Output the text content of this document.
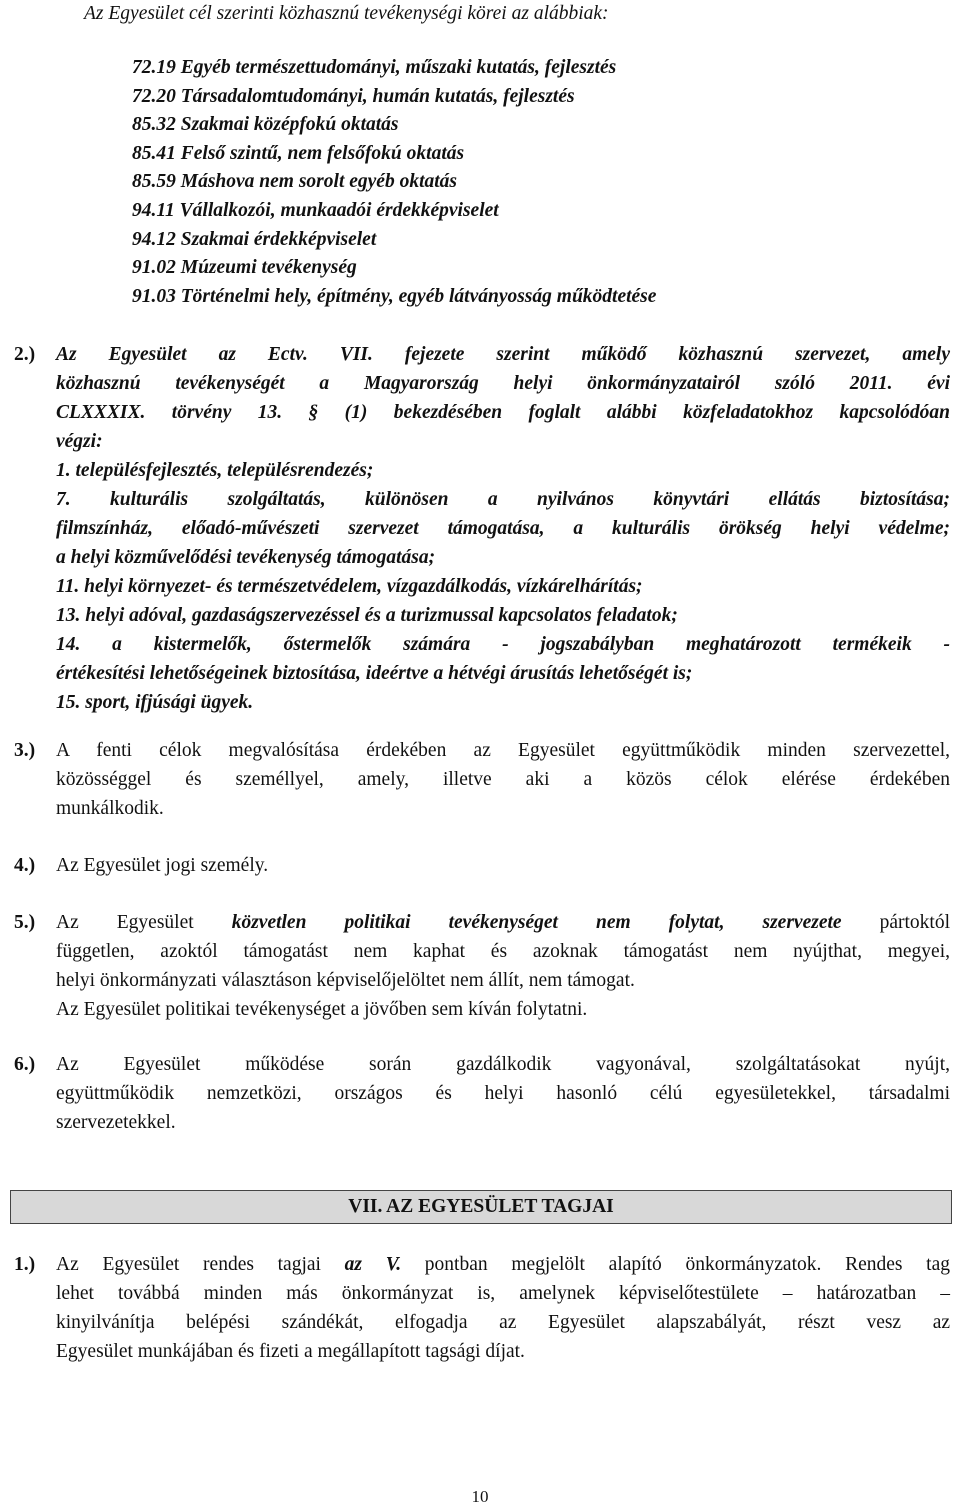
Az Egyesület cél szerinti közhasznú tevékenységi körei az alábbiak:
72.19 Egyéb természettudományi, műszaki kutatás, fejlesztés
72.20 Társadalomtudományi, humán kutatás, fejlesztés
85.32 Szakmai középfokú oktatás
85.41 Felső szintű, nem felsőfokú oktatás
85.59 Máshova nem sorolt egyéb oktatás
94.11 Vállalkozói, munkaadói érdekképviselet
94.12 Szakmai érdekképviselet
91.02 Múzeumi tevékenység
91.03 Történelmi hely, építmény, egyéb látványosság működtetése
2.)	Az Egyesület az Ectv. VII. fejezete szerint működő közhasznú szervezet, amely
közhasznú tevékenységét a Magyarország helyi önkormányzatairól szóló 2011. évi
CLXXXIX. törvény 13. § (1) bekezdésében foglalt alábbi közfeladatokhoz kapcsolódóan
végzi:
1. településfejlesztés, településrendezés;
7. kulturális szolgáltatás, különösen a nyilvános könyvtári ellátás biztosítása;
filmszínház, előadó-művészeti szervezet támogatása, a kulturális örökség helyi védelme;
a helyi közművelődési tevékenység támogatása;
11. helyi környezet- és természetvédelem, vízgazdálkodás, vízkárelhárítás;
13. helyi adóval, gazdaságszervezéssel és a turizmussal kapcsolatos feladatok;
14. a kistermelők, őstermelők számára - jogszabályban meghatározott termékeik -
értékesítési lehetőségeinek biztosítása, ideértve a hétvégi árusítás lehetőségét is;
15. sport, ifjúsági ügyek.
3.)	A fenti célok megvalósítása érdekében az Egyesület együttműködik minden szervezettel,
közösséggel és személlyel, amely, illetve aki a közös célok elérése érdekében
munkálkodik.
4.)	Az Egyesület jogi személy.
5.)	Az Egyesület közvetlen politikai tevékenységet nem folytat, szervezete pártoktól
független, azoktól támogatást nem kaphat és azoknak támogatást nem nyújthat, megyei,
helyi önkormányzati választáson képviselőjelöltet nem állít, nem támogat.
Az Egyesület politikai tevékenységet a jövőben sem kíván folytatni.
6.)	Az Egyesület működése során gazdálkodik vagyonával, szolgáltatásokat nyújt,
együttműködik nemzetközi, országos és helyi hasonló célú egyesületekkel, társadalmi
szervezetekkel.
VII. AZ EGYESÜLET TAGJAI
1.)	Az Egyesület rendes tagjai az V. pontban megjelölt alapító önkormányzatok. Rendes tag
lehet továbbá minden más önkormányzat is, amelynek képviselőtestülete – határozatban –
kinyilvánítja belépési szándékát, elfogadja az Egyesület alapszabályát, részt vesz az
Egyesület munkájában és fizeti a megállapított tagsági díjat.
10
